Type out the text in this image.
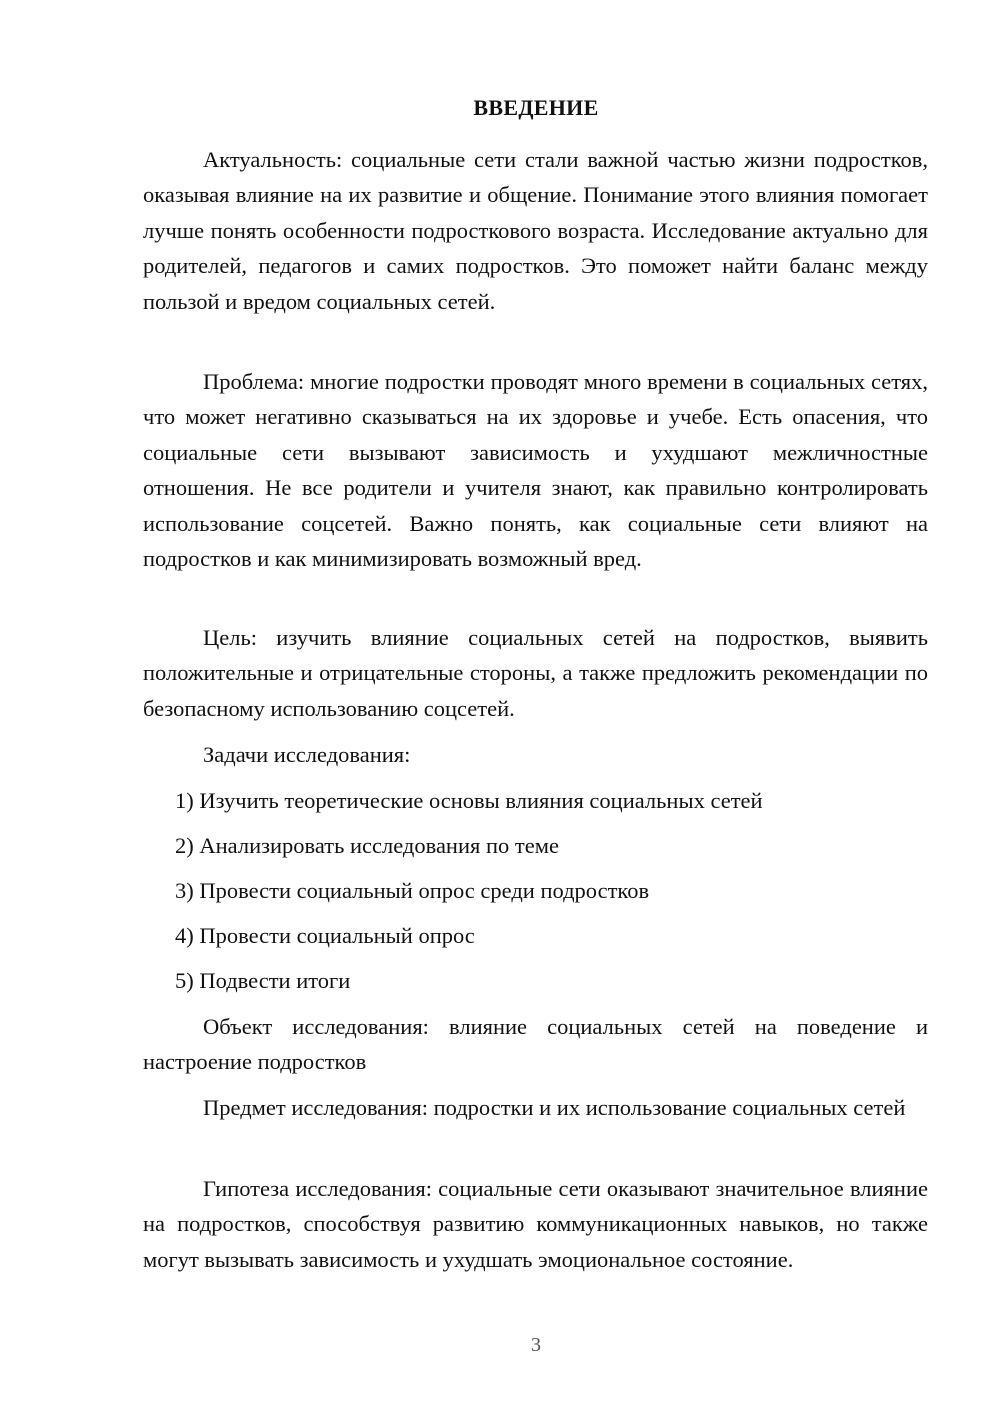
ВВЕДЕНИЕ

Актуальность: социальные сети стали важной частью жизни подростков, оказывая влияние на их развитие и общение. Понимание этого влияния помогает лучше понять особенности подросткового возраста. Исследование актуально для родителей, педагогов и самих подростков. Это поможет найти баланс между пользой и вредом социальных сетей.

Проблема: многие подростки проводят много времени в социальных сетях, что может негативно сказываться на их здоровье и учебе. Есть опасения, что социальные сети вызывают зависимость и ухудшают межличностные отношения. Не все родители и учителя знают, как правильно контролировать использование соцсетей. Важно понять, как социальные сети влияют на подростков и как минимизировать возможный вред.

Цель: изучить влияние социальных сетей на подростков, выявить положительные и отрицательные стороны, а также предложить рекомендации по безопасному использованию соцсетей.

Задачи исследования:

1) Изучить теоретические основы влияния социальных сетей

2) Анализировать исследования по теме

3) Провести социальный опрос среди подростков

4) Провести социальный опрос

5) Подвести итоги

Объект исследования: влияние социальных сетей на поведение и настроение подростков

Предмет исследования: подростки и их использование социальных сетей

Гипотеза исследования: социальные сети оказывают значительное влияние на подростков, способствуя развитию коммуникационных навыков, но также могут вызывать зависимость и ухудшать эмоциональное состояние.

3
